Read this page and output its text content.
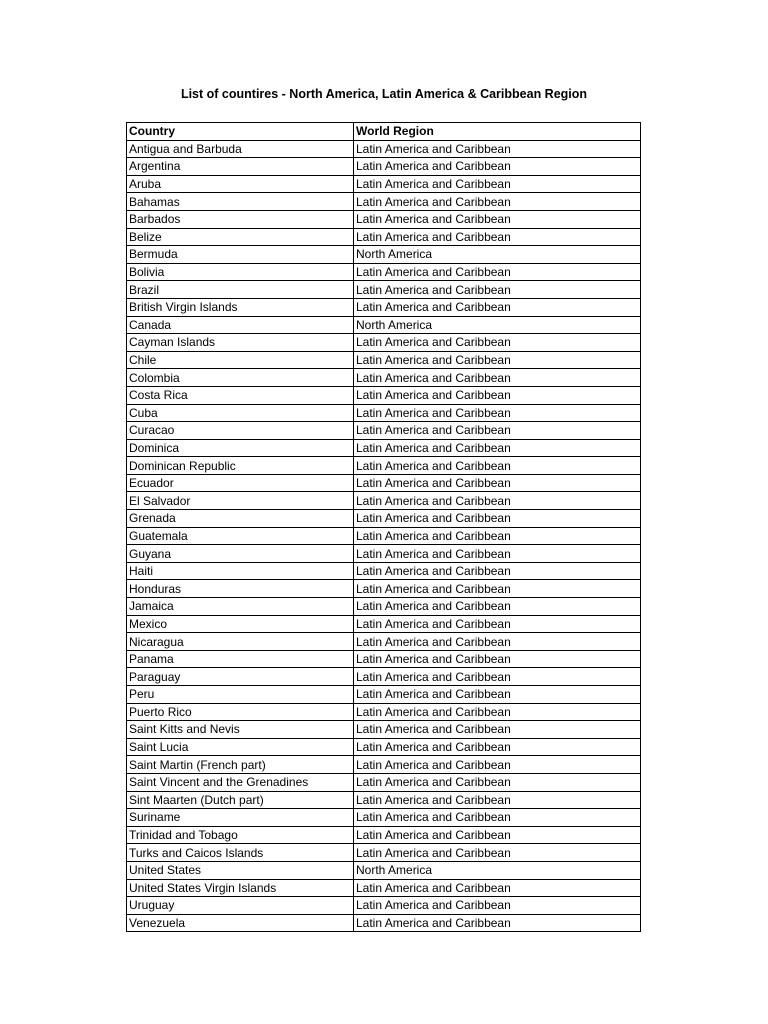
List of countires - North America, Latin America & Caribbean Region
Country	World Region
Antigua and Barbuda	Latin America and Caribbean
Argentina	Latin America and Caribbean
Aruba	Latin America and Caribbean
Bahamas	Latin America and Caribbean
Barbados	Latin America and Caribbean
Belize	Latin America and Caribbean
Bermuda	North America
Bolivia	Latin America and Caribbean
Brazil	Latin America and Caribbean
British Virgin Islands	Latin America and Caribbean
Canada	North America
Cayman Islands	Latin America and Caribbean
Chile	Latin America and Caribbean
Colombia	Latin America and Caribbean
Costa Rica	Latin America and Caribbean
Cuba	Latin America and Caribbean
Curacao	Latin America and Caribbean
Dominica	Latin America and Caribbean
Dominican Republic	Latin America and Caribbean
Ecuador	Latin America and Caribbean
El Salvador	Latin America and Caribbean
Grenada	Latin America and Caribbean
Guatemala	Latin America and Caribbean
Guyana	Latin America and Caribbean
Haiti	Latin America and Caribbean
Honduras	Latin America and Caribbean
Jamaica	Latin America and Caribbean
Mexico	Latin America and Caribbean
Nicaragua	Latin America and Caribbean
Panama	Latin America and Caribbean
Paraguay	Latin America and Caribbean
Peru	Latin America and Caribbean
Puerto Rico	Latin America and Caribbean
Saint Kitts and Nevis	Latin America and Caribbean
Saint Lucia	Latin America and Caribbean
Saint Martin (French part)	Latin America and Caribbean
Saint Vincent and the Grenadines	Latin America and Caribbean
Sint Maarten (Dutch part)	Latin America and Caribbean
Suriname	Latin America and Caribbean
Trinidad and Tobago	Latin America and Caribbean
Turks and Caicos Islands	Latin America and Caribbean
United States	North America
United States Virgin Islands	Latin America and Caribbean
Uruguay	Latin America and Caribbean
Venezuela	Latin America and Caribbean
